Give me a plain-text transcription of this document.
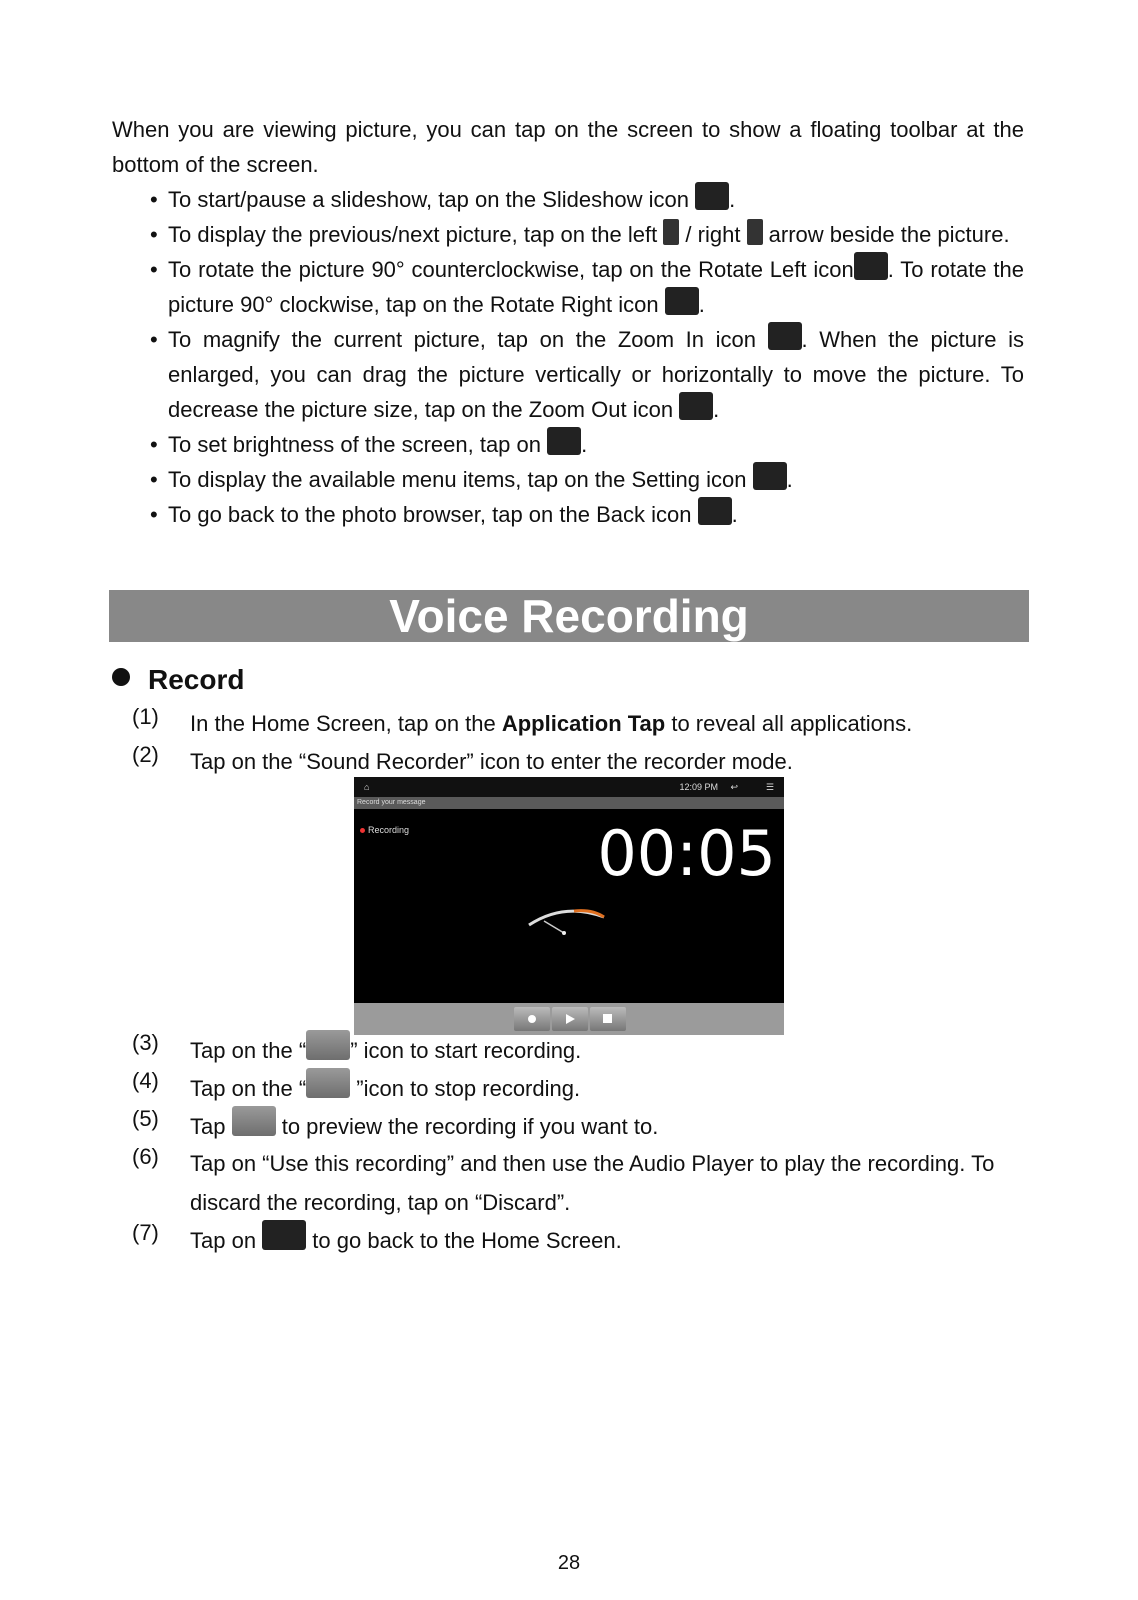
When you are viewing picture, you can tap on the screen to show a floating toolbar at the bottom of the screen.
• To start/pause a slideshow, tap on the Slideshow icon .
• To display the previous/next picture, tap on the left  / right  arrow beside the picture.
• To rotate the picture 90° counterclockwise, tap on the Rotate Left icon . To rotate the picture 90° clockwise, tap on the Rotate Right icon .
• To magnify the current picture, tap on the Zoom In icon . When the picture is enlarged, you can drag the picture vertically or horizontally to move the picture. To decrease the picture size, tap on the Zoom Out icon .
• To set brightness of the screen, tap on .
• To display the available menu items, tap on the Setting icon .
• To go back to the photo browser, tap on the Back icon .
Voice Recording
Record
(1) In the Home Screen, tap on the Application Tap to reveal all applications.
(2) Tap on the “Sound Recorder” icon to enter the recorder mode.
(3) Tap on the “ ” icon to start recording.
(4) Tap on the “ ”icon to stop recording.
(5) Tap  to preview the recording if you want to.
(6) Tap on “Use this recording” and then use the Audio Player to play the recording. To discard the recording, tap on “Discard”.
(7) Tap on  to go back to the Home Screen.
⌂	12:09 PM ↩	☰
Record your message
Recording	00:05
28
